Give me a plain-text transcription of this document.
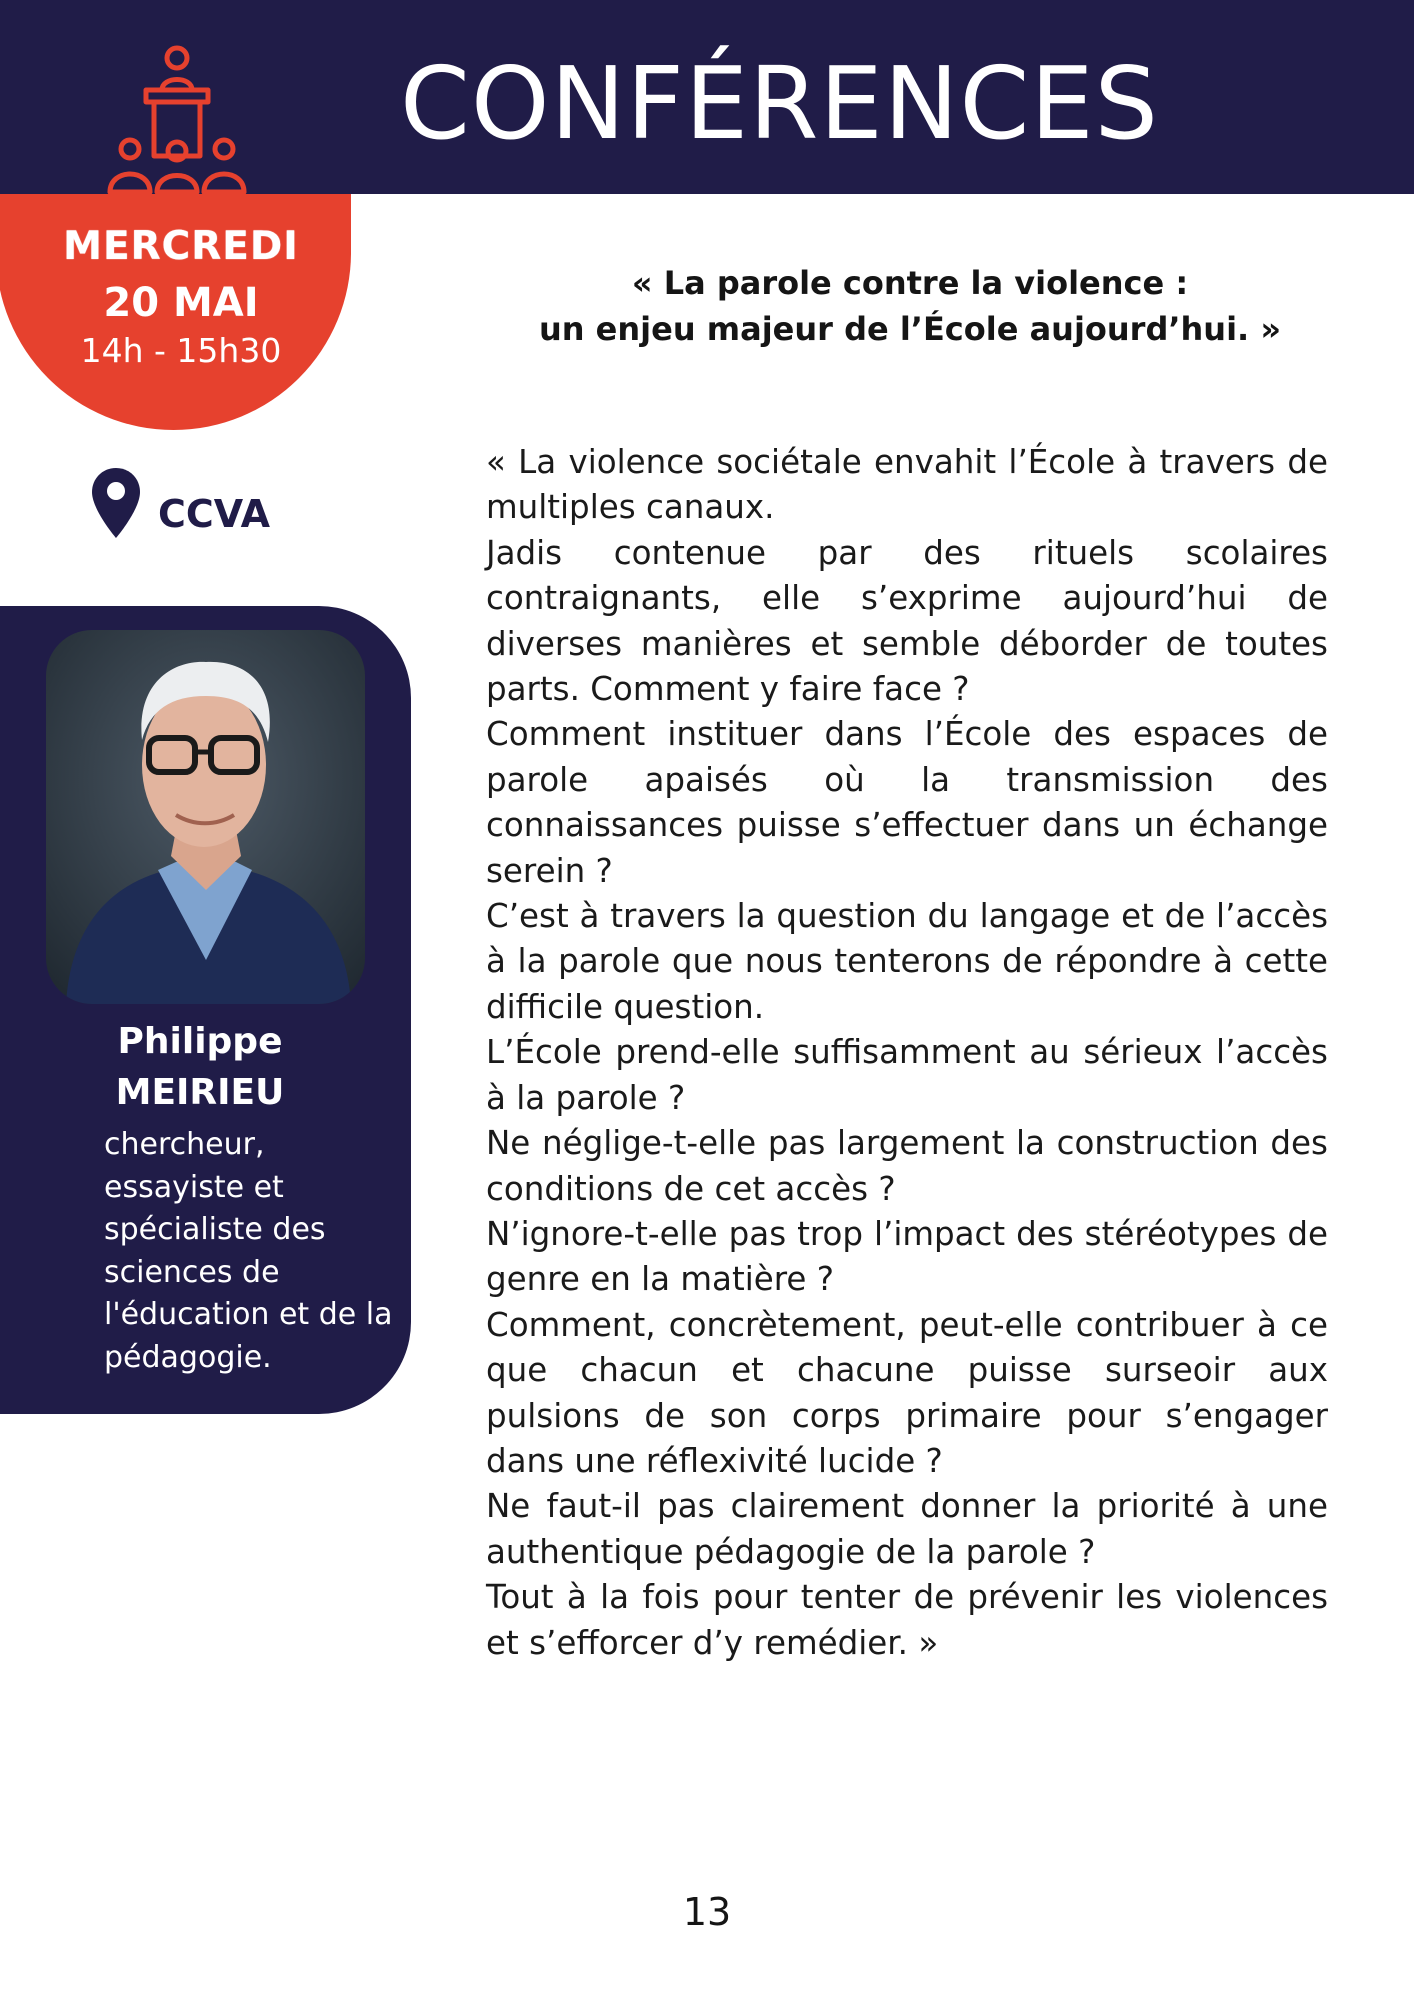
CONFÉRENCES
MERCREDI
20 MAI
14h - 15h30
CCVA
Philippe
MEIRIEU
chercheur, essayiste et spécialiste des sciences de l'éducation et de la pédagogie.
« La parole contre la violence :
un enjeu majeur de l’École aujourd’hui. »

« La violence sociétale envahit l’École à travers de multiples canaux.

Jadis contenue par des rituels scolaires contraignants, elle s’exprime aujourd’hui de diverses manières et semble déborder de toutes parts. Comment y faire face ?

Comment instituer dans l’École des espaces de parole apaisés où la transmission des connaissances puisse s’effectuer dans un échange serein ?

C’est à travers la question du langage et de l’accès à la parole que nous tenterons de répondre à cette difficile question.

L’École prend-elle suffisamment au sérieux l’accès à la parole ?

Ne néglige-t-elle pas largement la construction des conditions de cet accès ?

N’ignore-t-elle pas trop l’impact des stéréotypes de genre en la matière ?

Comment, concrètement, peut-elle contribuer à ce que chacun et chacune puisse surseoir aux pulsions de son corps primaire pour s’engager dans une réflexivité lucide ?

Ne faut-il pas clairement donner la priorité à une authentique pédagogie de la parole ?

Tout à la fois pour tenter de prévenir les violences et s’efforcer d’y remédier. »

13
